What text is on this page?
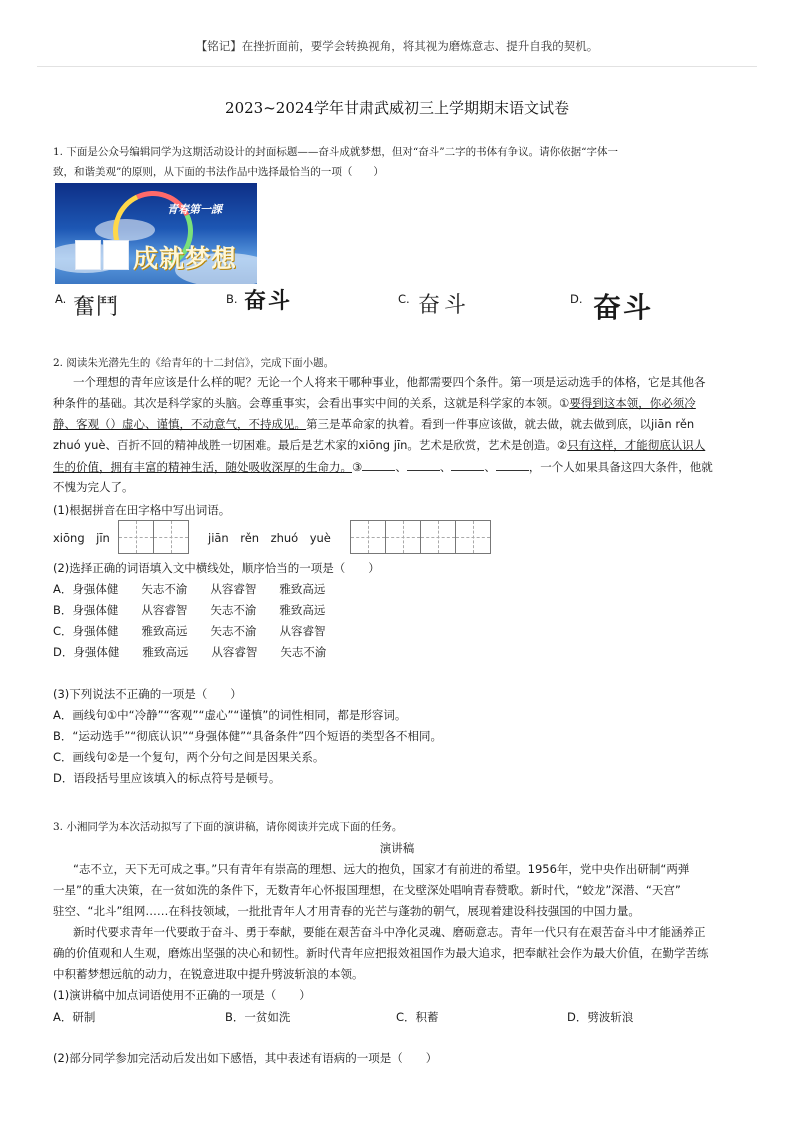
【铭记】在挫折面前，要学会转换视角，将其视为磨炼意志、提升自我的契机。
2023~2024学年甘肃武威初三上学期期末语文试卷
1. 下面是公众号编辑同学为这期活动设计的封面标题——奋斗成就梦想，但对“奋斗”二字的书体有争议。请你依据“字体一
致，和谐美观”的原则，从下面的书法作品中选择最恰当的一项（　　）
青春第一課
成就梦想
A. 奮鬥	B. 奋斗	C. 奋斗	D. 奋斗
2. 阅读朱光潜先生的《给青年的十二封信》，完成下面小题。
一个理想的青年应该是什么样的呢？无论一个人将来干哪种事业，他都需要四个条件。第一项是运动选手的体格，它是其他各
种条件的基础。其次是科学家的头脑。会尊重事实，会看出事实中间的关系，这就是科学家的本领。①要得到这本领，你必须冷
静、客观（）虚心、谨慎，不动意气，不持成见。第三是革命家的执着。看到一件事应该做，就去做，就去做到底，以jiān rěn
zhuó yuè、百折不回的精神战胜一切困难。最后是艺术家的xiōng jīn。艺术是欣赏，艺术是创造。②只有这样，才能彻底认识人
生的价值，拥有丰富的精神生活，随处吸收深厚的生命力。③	、	、	、	，一个人如果具备这四大条件，他就
不愧为完人了。
(1)根据拼音在田字格中写出词语。
xiōng　jīn	jiān　rěn　zhuó　yuè
(2)选择正确的词语填入文中横线处，顺序恰当的一项是（　　）
A．身强体健　　矢志不渝　　从容睿智　　雅致高远
B．身强体健　　从容睿智　　矢志不渝　　雅致高远
C．身强体健　　雅致高远　　矢志不渝　　从容睿智
D．身强体健　　雅致高远　　从容睿智　　矢志不渝
(3)下列说法不正确的一项是（　　）
A．画线句①中“冷静”“客观”“虚心”“谨慎”的词性相同，都是形容词。
B．“运动选手”“彻底认识”“身强体健”“具备条件”四个短语的类型各不相同。
C．画线句②是一个复句，两个分句之间是因果关系。
D．语段括号里应该填入的标点符号是顿号。
3. 小湘同学为本次活动拟写了下面的演讲稿，请你阅读并完成下面的任务。
演讲稿
“志不立，天下无可成之事。”只有青年有崇高的理想、远大的抱负，国家才有前进的希望。1956年，党中央作出研制“两弹
一星”的重大决策，在一贫如洗的条件下，无数青年心怀报国理想，在戈壁深处唱响青春赞歌。新时代，“蛟龙”深潜、“天宫”
驻空、“北斗”组网……在科技领域，一批批青年人才用青春的光芒与蓬勃的朝气，展现着建设科技强国的中国力量。
新时代要求青年一代要敢于奋斗、勇于奉献，要能在艰苦奋斗中净化灵魂、磨砺意志。青年一代只有在艰苦奋斗中才能涵养正
确的价值观和人生观，磨炼出坚强的决心和韧性。新时代青年应把报效祖国作为最大追求，把奉献社会作为最大价值，在勤学苦练
中积蓄梦想远航的动力，在锐意进取中提升劈波斩浪的本领。
(1)演讲稿中加点词语使用不正确的一项是（　　）
A．研制	B．一贫如洗	C．积蓄	D．劈波斩浪
(2)部分同学参加完活动后发出如下感悟，其中表述有语病的一项是（　　）
